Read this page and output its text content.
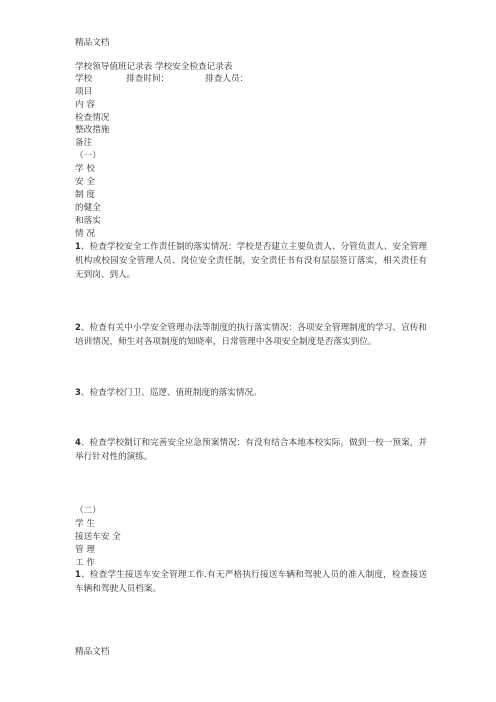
精品文档
学校领导值班记录表 学校安全检查记录表
学校	排查时间：	排查人员：
项目
内 容
检查情况
整改措施
备注
（一）
学 校
安 全
制 度
的健全
和落实
情 况
1、检查学校安全工作责任制的落实情况：学校是否建立主要负责人、分管负责人、安全管理机构或校园安全管理人员、岗位安全责任制，安全责任书有没有层层签订落实，相关责任有无到岗、到人。
2、检查有关中小学安全管理办法等制度的执行落实情况：各项安全管理制度的学习、宣传和培训情况，师生对各项制度的知晓率，日常管理中各项安全制度是否落实到位。
3、检查学校门卫、巡逻、值班制度的落实情况。
4、检查学校制订和完善安全应急预案情况：有没有结合本地本校实际，做到一校一预案，并举行针对性的演练。
（二）
学 生
接送车安 全
管 理
工 作
1、检查学生接送车安全管理工作.有无严格执行接送车辆和驾驶人员的准入制度，检查接送车辆和驾驶人员档案。
精品文档
